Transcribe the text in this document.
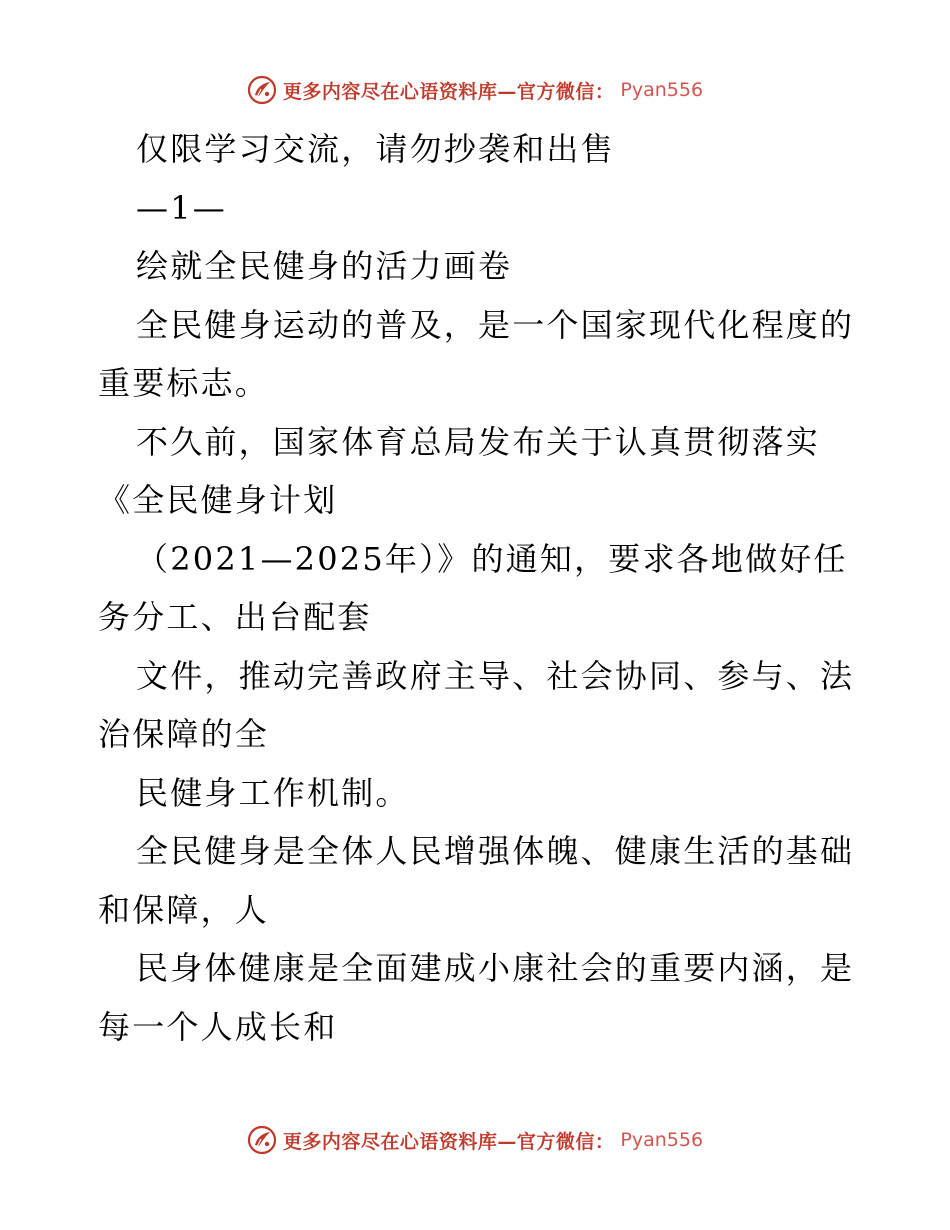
更多内容尽在心语资料库—官方微信： Pyan556
仅限学习交流，请勿抄袭和出售
—1—
绘就全民健身的活力画卷
全民健身运动的普及，是一个国家现代化程度的
重要标志。
不久前，国家体育总局发布关于认真贯彻落实
《全民健身计划
（2021—2025年）》的通知，要求各地做好任
务分工、出台配套
文件，推动完善政府主导、社会协同、参与、法
治保障的全
民健身工作机制。
全民健身是全体人民增强体魄、健康生活的基础
和保障，人
民身体健康是全面建成小康社会的重要内涵，是
每一个人成长和
更多内容尽在心语资料库—官方微信： Pyan556
